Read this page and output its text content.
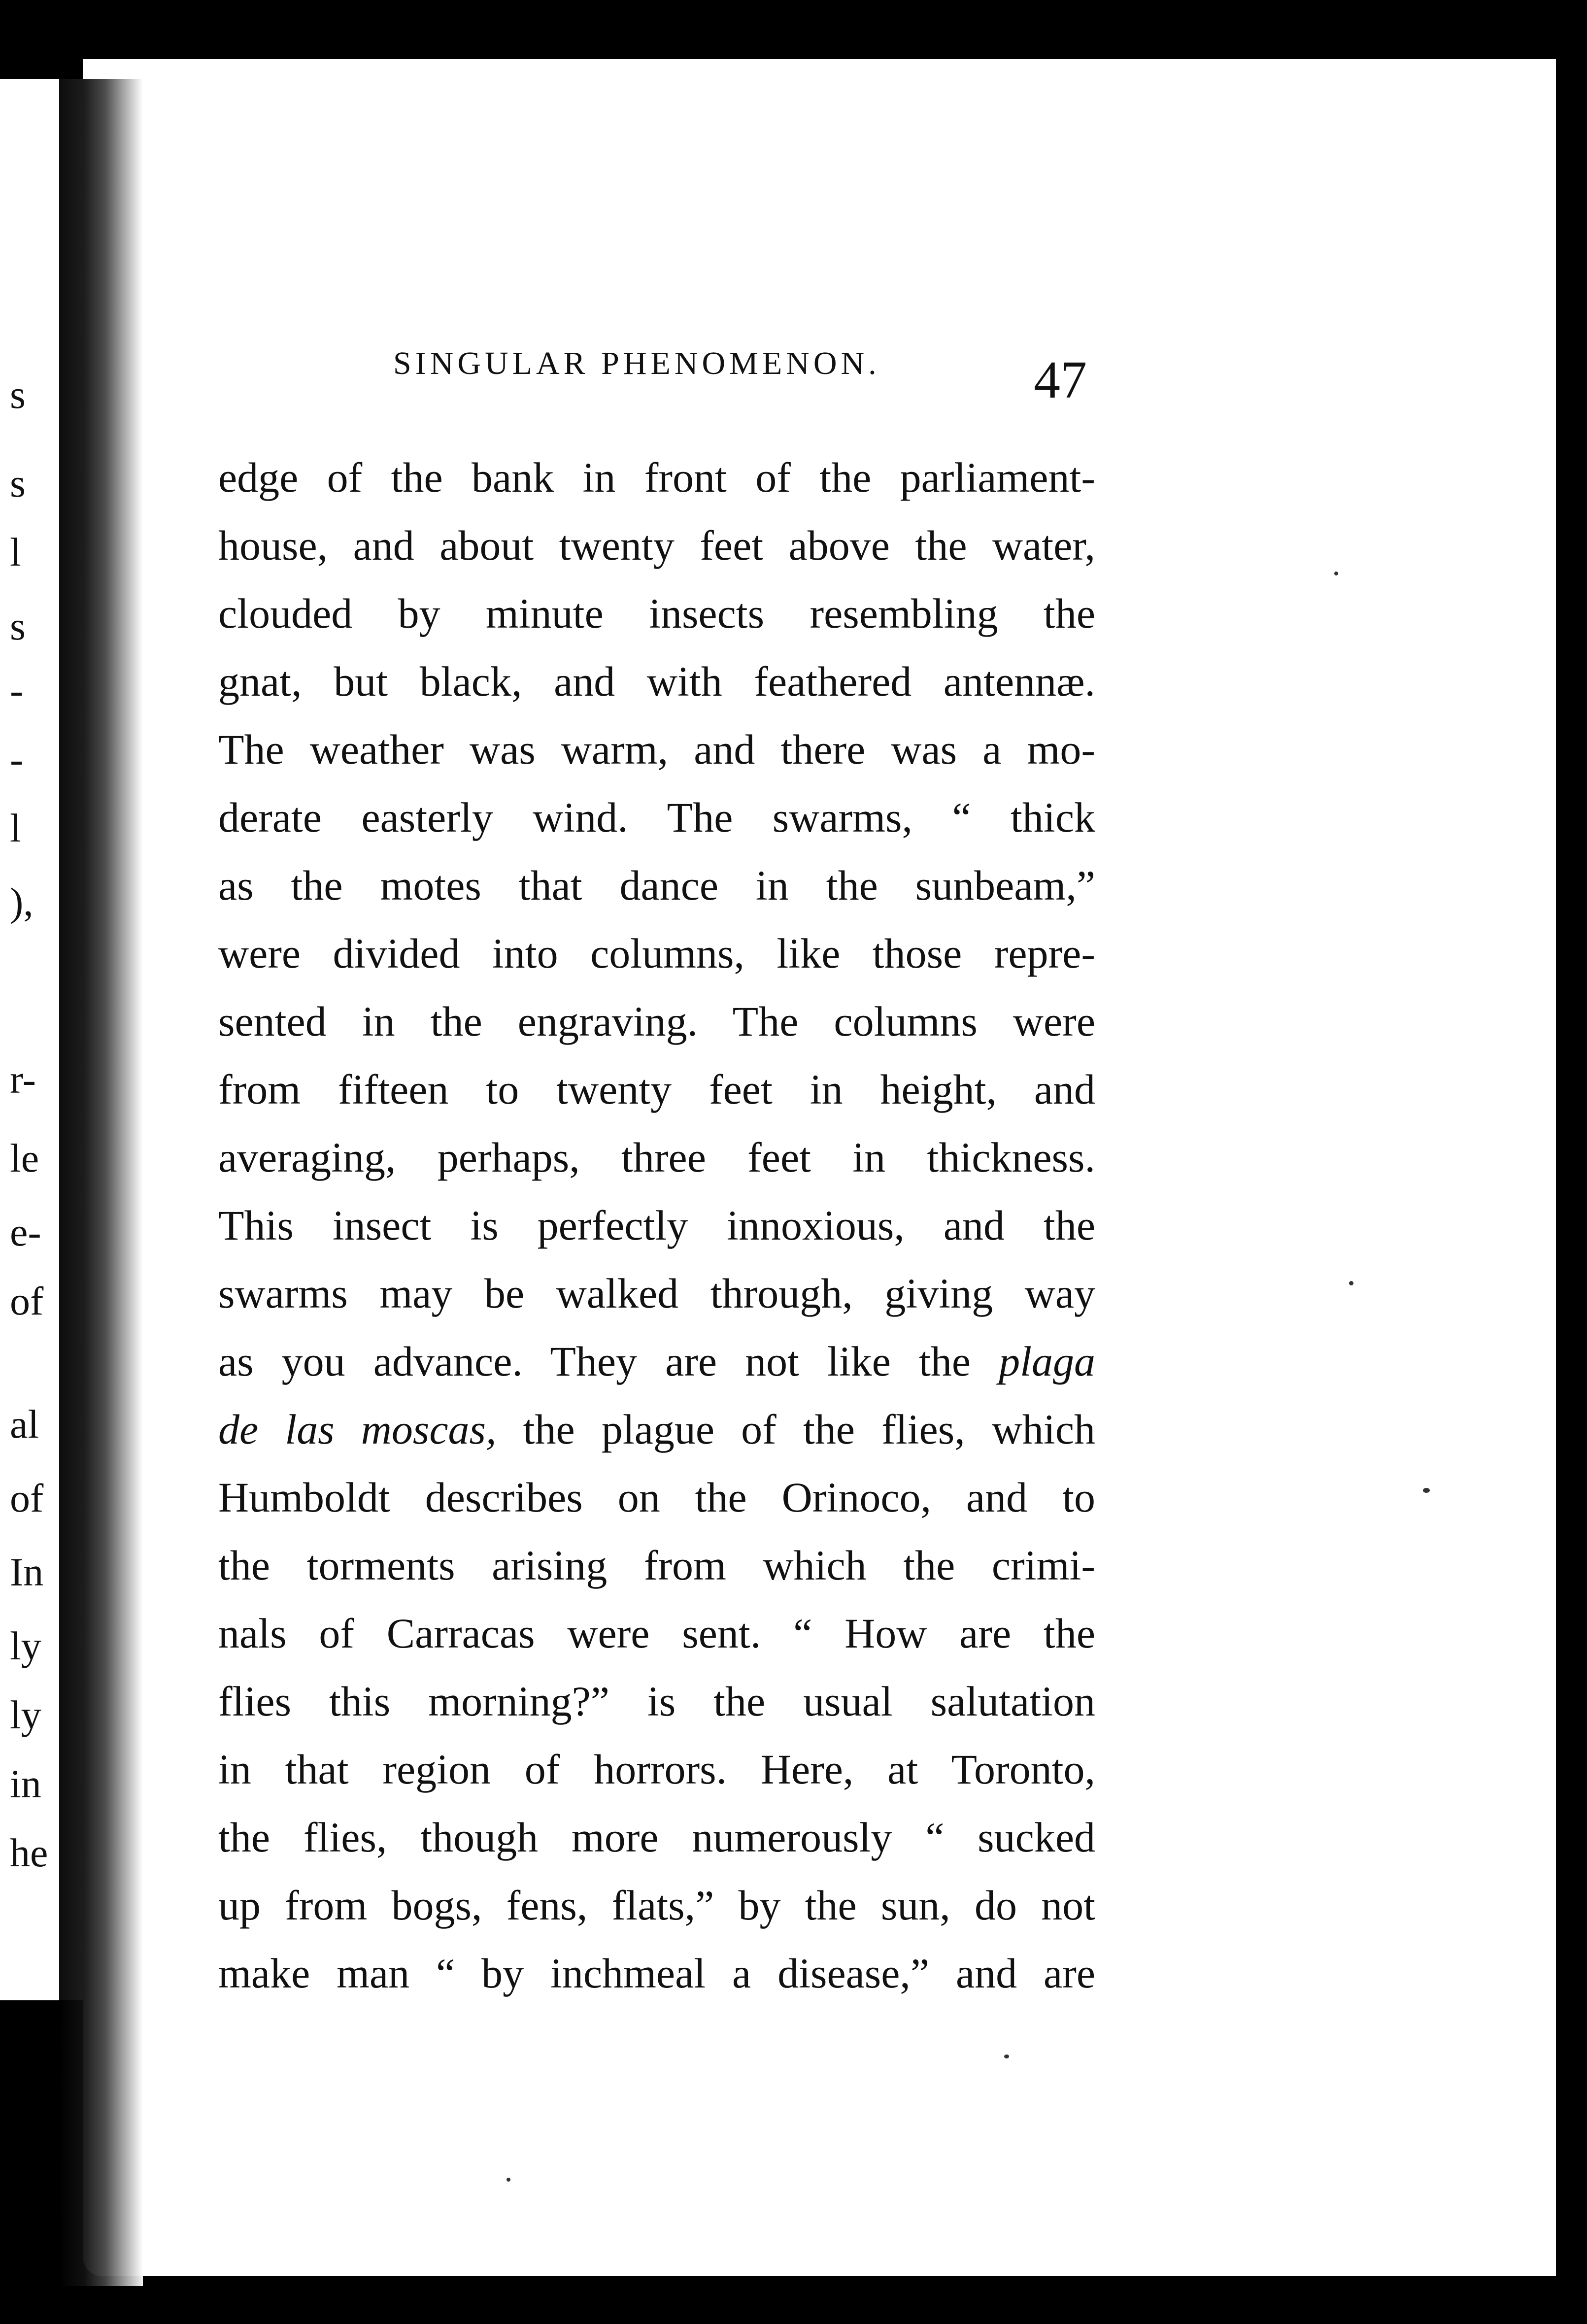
SINGULAR PHENOMENON.	47
edge of the bank in front of the parliament-
house, and about twenty feet above the water,
clouded by minute insects resembling the
gnat, but black, and with feathered antennæ.
The weather was warm, and there was a mo-
derate easterly wind. The swarms, “ thick
as the motes that dance in the sunbeam,”
were divided into columns, like those repre-
sented in the engraving. The columns were
from fifteen to twenty feet in height, and
averaging, perhaps, three feet in thickness.
This insect is perfectly innoxious, and the
swarms may be walked through, giving way
as you advance. They are not like the plaga
de las moscas, the plague of the flies, which
Humboldt describes on the Orinoco, and to
the torments arising from which the crimi-
nals of Carracas were sent. “ How are the
flies this morning?” is the usual salutation
in that region of horrors. Here, at Toronto,
the flies, though more numerously “ sucked
up from bogs, fens, flats,” by the sun, do not
make man “ by inchmeal a disease,” and are
s
s
l
s
-
-
l
),
r-
le
e-
of
al
of
In
ly
ly
in
he
